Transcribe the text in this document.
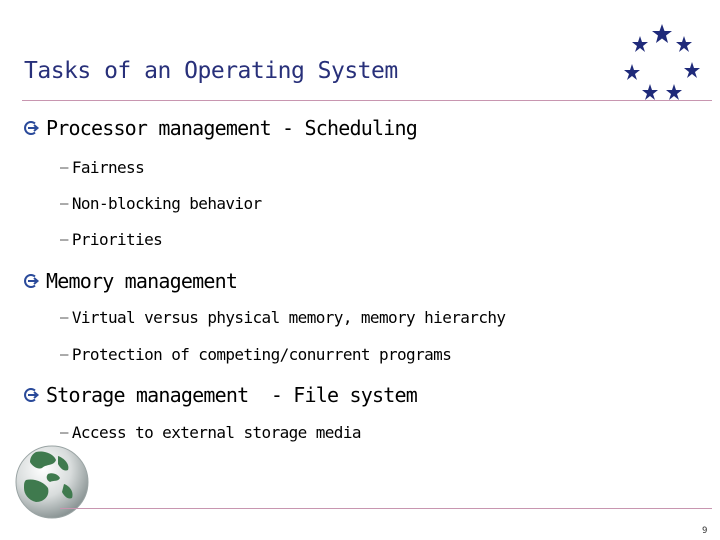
Tasks of an Operating System
Processor management - Scheduling
– Fairness
– Non-blocking behavior
– Priorities
Memory management
– Virtual versus physical memory, memory hierarchy
– Protection of competing/conurrent programs
Storage management  - File system
– Access to external storage media
9
